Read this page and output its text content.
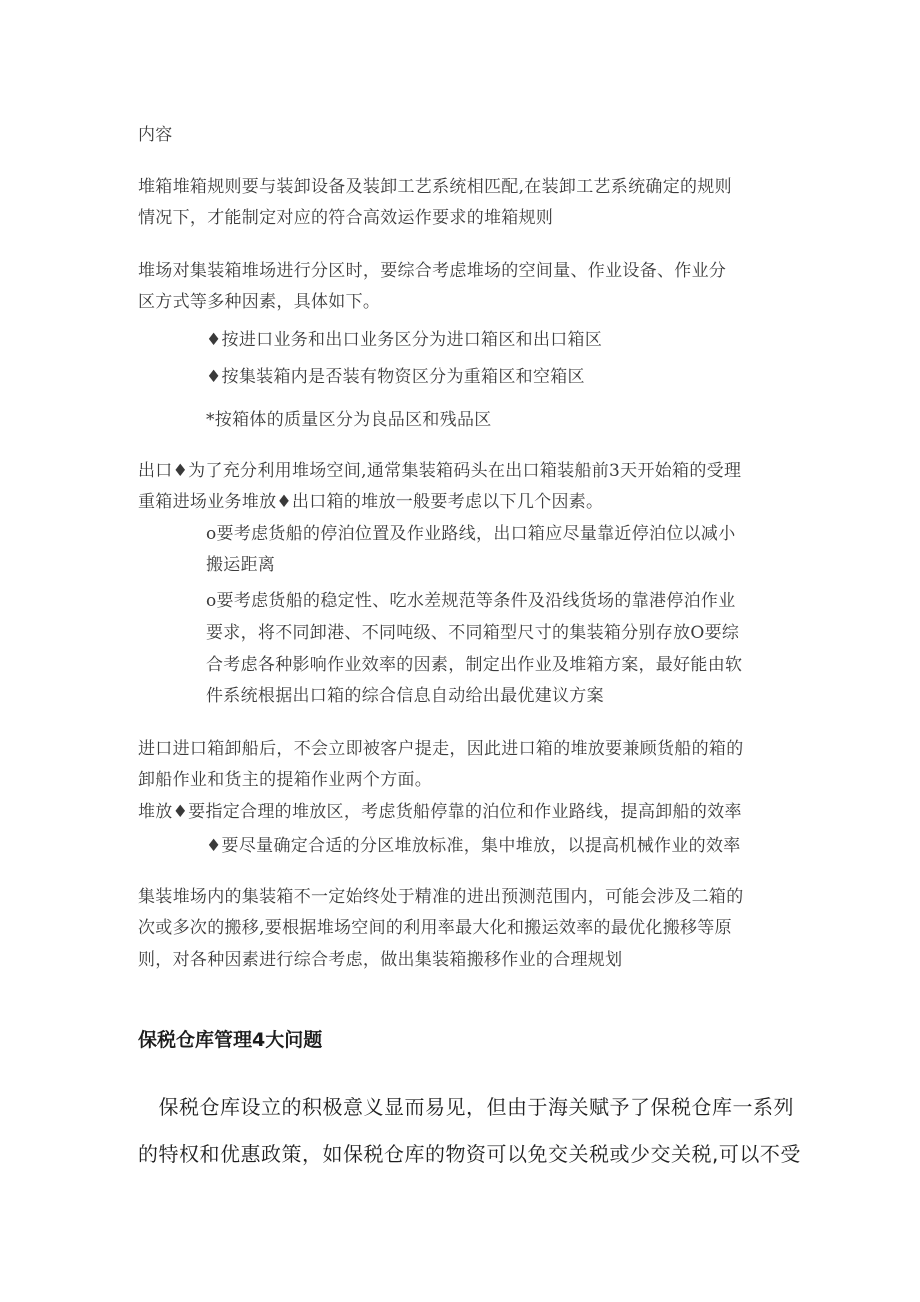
内容
堆箱堆箱规则要与装卸设备及装卸工艺系统相匹配,在装卸工艺系统确定的规则
情况下，才能制定对应的符合高效运作要求的堆箱规则
堆场对集装箱堆场进行分区时，要综合考虑堆场的空间量、作业设备、作业分
区方式等多种因素，具体如下。
♦按进口业务和出口业务区分为进口箱区和出口箱区
♦按集装箱内是否装有物资区分为重箱区和空箱区
*按箱体的质量区分为良品区和残品区
出口♦为了充分利用堆场空间,通常集装箱码头在出口箱装船前3天开始箱的受理
重箱进场业务堆放♦出口箱的堆放一般要考虑以下几个因素。
o要考虑货船的停泊位置及作业路线，出口箱应尽量靠近停泊位以减小
搬运距离
o要考虑货船的稳定性、吃水差规范等条件及沿线货场的靠港停泊作业
要求，将不同卸港、不同吨级、不同箱型尺寸的集装箱分别存放O要综
合考虑各种影响作业效率的因素，制定出作业及堆箱方案，最好能由软
件系统根据出口箱的综合信息自动给出最优建议方案
进口进口箱卸船后，不会立即被客户提走，因此进口箱的堆放要兼顾货船的箱的
卸船作业和货主的提箱作业两个方面。
堆放♦要指定合理的堆放区，考虑货船停靠的泊位和作业路线，提高卸船的效率
♦要尽量确定合适的分区堆放标准，集中堆放，以提高机械作业的效率
集装堆场内的集装箱不一定始终处于精准的进出预测范围内，可能会涉及二箱的
次或多次的搬移,要根据堆场空间的利用率最大化和搬运效率的最优化搬移等原
则，对各种因素进行综合考虑，做出集装箱搬移作业的合理规划
保税仓库管理4大问题
　保税仓库设立的积极意义显而易见，但由于海关赋予了保税仓库一系列
的特权和优惠政策，如保税仓库的物资可以免交关税或少交关税,可以不受
